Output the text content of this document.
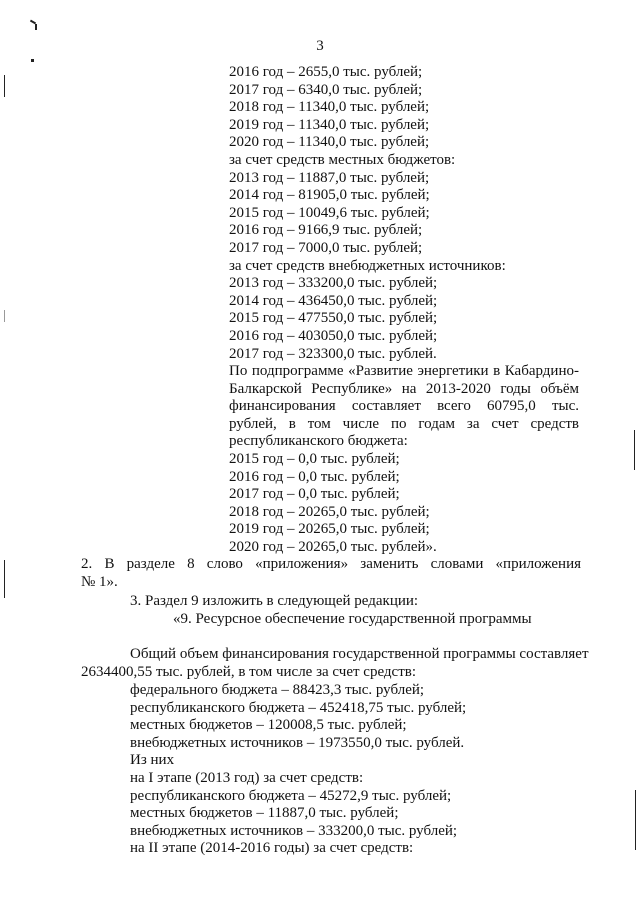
3
2016 год – 2655,0 тыс. рублей;
2017 год – 6340,0 тыс. рублей;
2018 год – 11340,0 тыс. рублей;
2019 год – 11340,0 тыс. рублей;
2020 год – 11340,0 тыс. рублей;
за счет средств местных бюджетов:
2013 год – 11887,0 тыс. рублей;
2014 год – 81905,0 тыс. рублей;
2015 год – 10049,6 тыс. рублей;
2016 год – 9166,9 тыс. рублей;
2017 год – 7000,0 тыс. рублей;
за счет средств внебюджетных источников:
2013 год – 333200,0 тыс. рублей;
2014 год – 436450,0 тыс. рублей;
2015 год – 477550,0 тыс. рублей;
2016 год – 403050,0 тыс. рублей;
2017 год – 323300,0 тыс. рублей.
По подпрограмме «Развитие энергетики в Кабардино-
Балкарской Республике» на 2013-2020 годы объём
финансирования составляет всего 60795,0 тыс.
рублей, в том числе по годам за счет средств
республиканского бюджета:
2015 год – 0,0 тыс. рублей;
2016 год – 0,0 тыс. рублей;
2017 год – 0,0 тыс. рублей;
2018 год – 20265,0 тыс. рублей;
2019 год – 20265,0 тыс. рублей;
2020 год – 20265,0 тыс. рублей».
2. В разделе 8 слово «приложения» заменить словами «приложения
№ 1».
3. Раздел 9 изложить в следующей редакции:
«9. Ресурсное обеспечение государственной программы
Общий объем финансирования государственной программы составляет
2634400,55 тыс. рублей, в том числе за счет средств:
федерального бюджета – 88423,3 тыс. рублей;
республиканского бюджета – 452418,75 тыс. рублей;
местных бюджетов – 120008,5 тыс. рублей;
внебюджетных источников – 1973550,0 тыс. рублей.
Из них
на I этапе (2013 год) за счет средств:
республиканского бюджета – 45272,9 тыс. рублей;
местных бюджетов – 11887,0 тыс. рублей;
внебюджетных источников – 333200,0 тыс. рублей;
на II этапе (2014-2016 годы) за счет средств:
